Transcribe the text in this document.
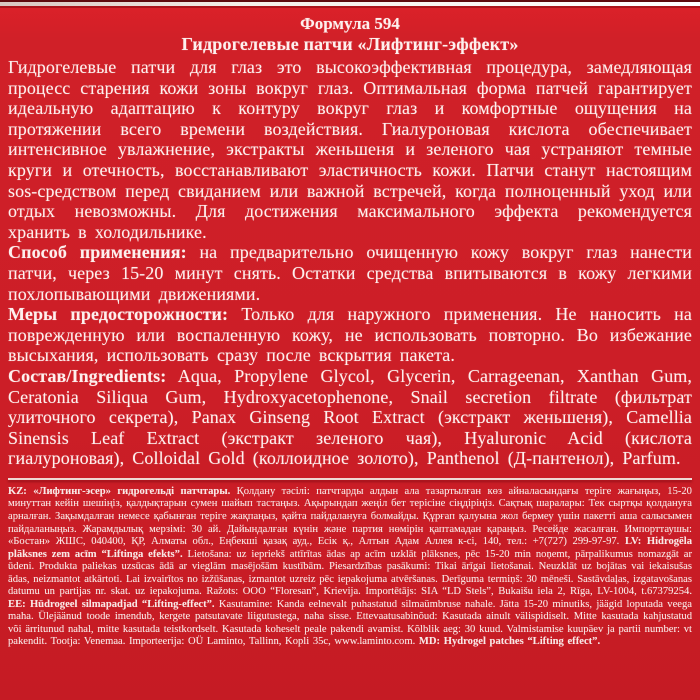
Формула 594
Гидрогелевые патчи «Лифтинг-эффект»

Гидрогелевые патчи для глаз это высокоэффективная процедура, замедляющая процесс старения кожи зоны вокруг глаз. Оптимальная форма патчей гарантирует идеальную адаптацию к контуру вокруг глаз и комфортные ощущения на протяжении всего времени воздействия. Гиалуроновая кислота обеспечивает интенсивное увлажнение, экстракты женьшеня и зеленого чая устраняют темные круги и отечность, восстанавливают эластичность кожи. Патчи станут настоящим sos-средством перед свиданием или важной встречей, когда полноценный уход или отдых невозможны. Для достижения максимального эффекта рекомендуется хранить в холодильнике.

Способ применения: на предварительно очищенную кожу вокруг глаз нанести патчи, через 15-20 минут снять. Остатки средства впитываются в кожу легкими похлопывающими движениями.

Меры предосторожности: Только для наружного применения. Не наносить на поврежденную или воспаленную кожу, не использовать повторно. Во избежание высыхания, использовать сразу после вскрытия пакета.

Состав/Ingredients: Aqua, Propylene Glycol, Glycerin, Carrageenan, Xanthan Gum, Ceratonia Siliqua Gum, Hydroxyacetophenone, Snail secretion filtrate (фильтрат улиточного секрета), Panax Ginseng Root Extract (экстракт женьшеня), Camellia Sinensis Leaf Extract (экстракт зеленого чая), Hyaluronic Acid (кислота гиалуроновая), Colloidal Gold (коллоидное золото), Panthenol (Д-пантенол), Parfum.

KZ: «Лифтинг-эсер» гидрогельді патчтары. Қолдану тәсілі: патчтарды алдын ала тазартылған көз айналасындағы теріге жағыңыз, 15-20 минуттан кейін шешіңіз, қалдықтарын сумен шайып тастаңыз. Ақырындап жеңіл бет терісіне сіңдіріңіз. Сақтық шаралары: Тек сыртқы қолдануға арналған. Зақымдалған немесе қабынған теріге жақпаңыз, қайта пайдалануға болмайды. Құрғап қалуына жол бермеу үшін пакетті аша салысымен пайдаланыңыз. Жарамдылық мерзімі: 30 ай. Дайындалған күнін және партия нөмірін қаптамадан қараңыз. Ресейде жасалған. Импорттаушы: «Бостан» ЖШС, 040400, ҚР, Алматы обл., Еңбекші қазақ ауд., Есік қ., Алтын Адам Аллея к-сі, 140, тел.: +7(727) 299-97-97. LV: Hidrogēla plāksnes zem acīm “Liftinga efekts”. Lietošana: uz iepriekš attīrītas ādas ap acīm uzklāt plāksnes, pēc 15-20 min noņemt, pārpalikumus nomazgāt ar ūdeni. Produkta paliekas uzsūcas ādā ar vieglām masējošām kustībām. Piesardzības pasākumi: Tikai ārīgai lietošanai. Neuzklāt uz bojātas vai iekaisušas ādas, neizmantot atkārtoti. Lai izvairītos no izžūšanas, izmantot uzreiz pēc iepakojuma atvēršanas. Derīguma termiņš: 30 mēneši. Sastāvdaļas, izgatavošanas datumu un partijas nr. skat. uz iepakojuma. Ražots: OOO “Floresan”, Krievija. Importētājs: SIA “LD Stels”, Bukaišu iela 2, Rīga, LV-1004, t.67379254. EE: Hüdrogeel silmapadjad “Lifting-effect”. Kasutamine: Kanda eelnevalt puhastatud silmaümbruse nahale. Jätta 15-20 minutiks, jäägid loputada veega maha. Ülejäänud toode imendub, kergete patsutavate liigutustega, naha sisse. Ettevaatusabinõud: Kasutada ainult välispidiselt. Mitte kasutada kahjustatud või ärritunud nahal, mitte kasutada teistkordselt. Kasutada koheselt peale pakendi avamist. Kõlblik aeg: 30 kuud. Valmistamise kuupäev ja partii number: vt pakendit. Tootja: Venemaa. Importeerija: OÜ Laminto, Tallinn, Kopli 35c, www.laminto.com. MD: Hydrogel patches “Lifting effect”.
